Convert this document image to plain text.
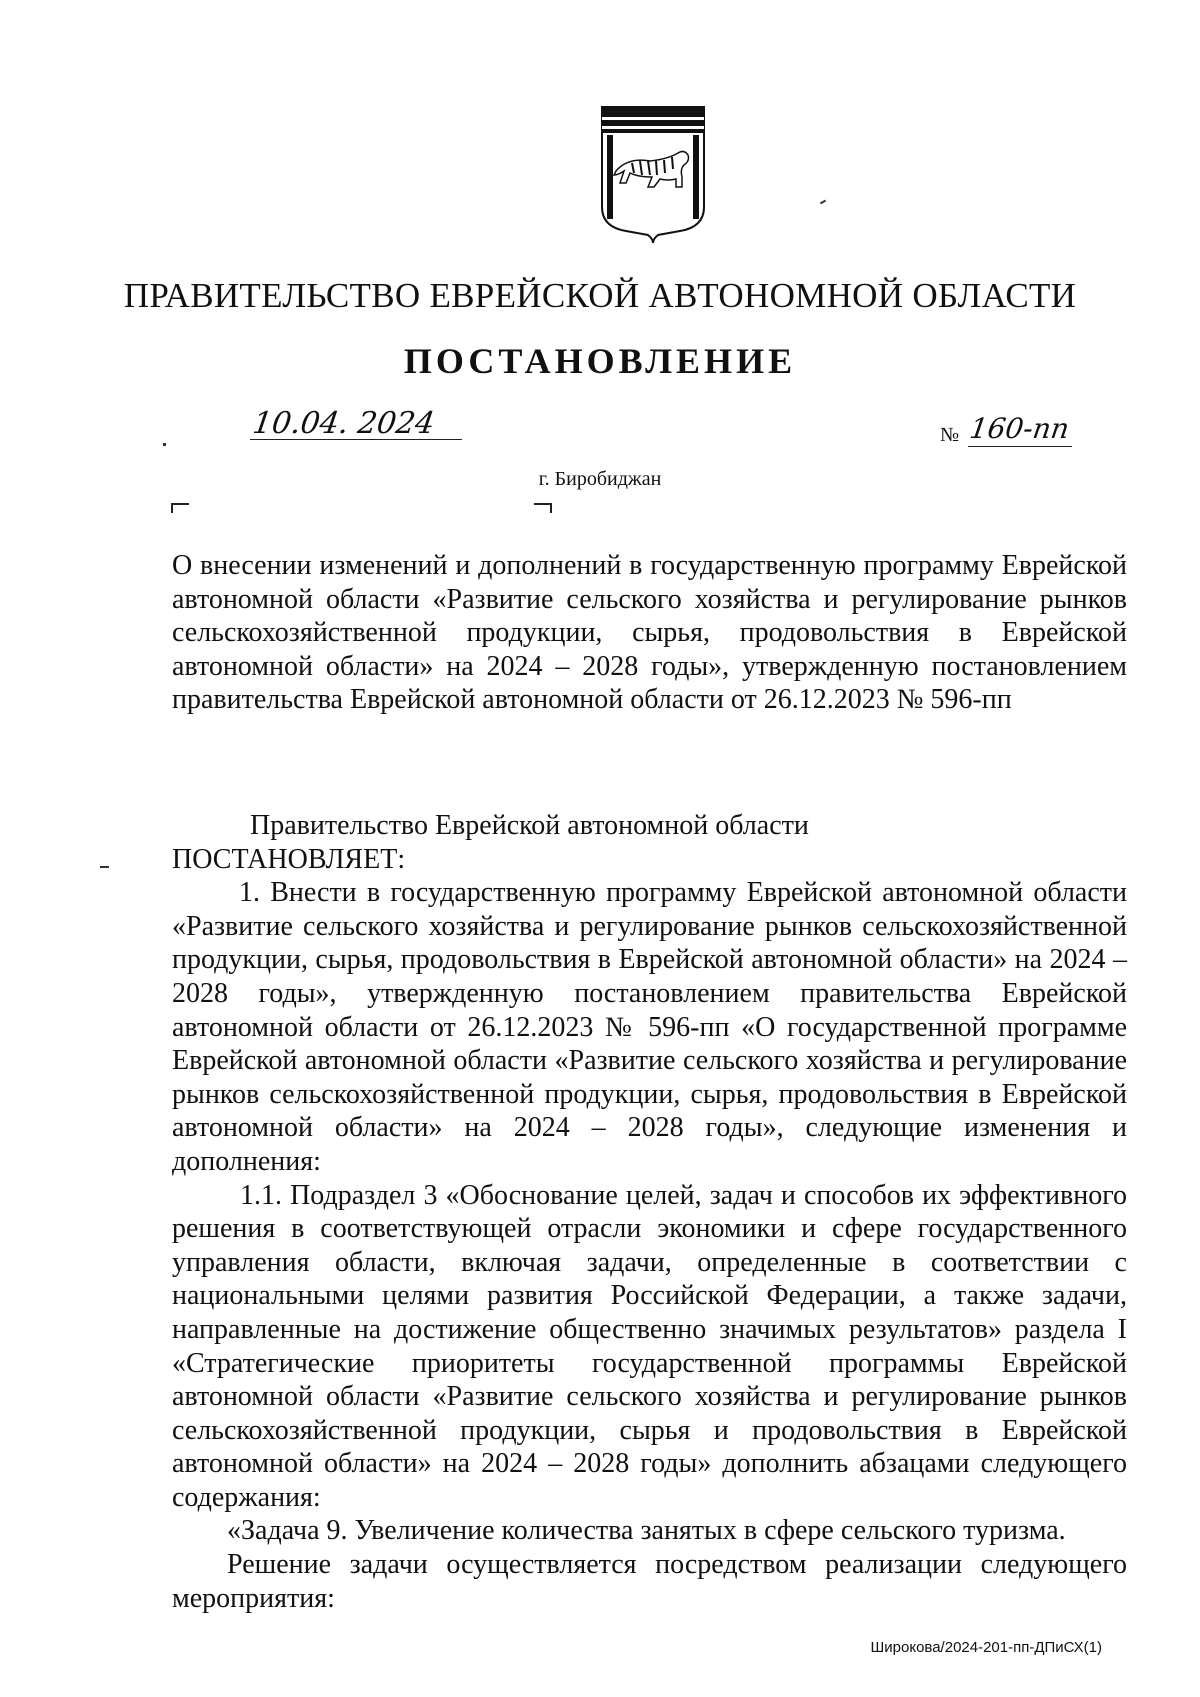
ПРАВИТЕЛЬСТВО ЕВРЕЙСКОЙ АВТОНОМНОЙ ОБЛАСТИ
ПОСТАНОВЛЕНИЕ
10.04. 2024	№ 160-пп
г. Биробиджан

О внесении изменений и дополнений в государственную программу Еврейской автономной области «Развитие сельского хозяйства и регулирование рынков сельскохозяйственной продукции, сырья, продовольствия в Еврейской автономной области» на 2024 – 2028 годы», утвержденную постановлением правительства Еврейской автономной области от 26.12.2023 № 596-пп

Правительство Еврейской автономной области

ПОСТАНОВЛЯЕТ:

1. Внести в государственную программу Еврейской автономной области «Развитие сельского хозяйства и регулирование рынков сельскохозяйственной продукции, сырья, продовольствия в Еврейской автономной области» на 2024 – 2028 годы», утвержденную постановлением правительства Еврейской автономной области от 26.12.2023 № 596-пп «О государственной программе Еврейской автономной области «Развитие сельского хозяйства и регулирование рынков сельскохозяйственной продукции, сырья, продовольствия в Еврейской автономной области» на 2024 – 2028 годы», следующие изменения и дополнения:

1.1. Подраздел 3 «Обоснование целей, задач и способов их эффективного решения в соответствующей отрасли экономики и сфере государственного управления области, включая задачи, определенные в соответствии с национальными целями развития Российской Федерации, а также задачи, направленные на достижение общественно значимых результатов» раздела I «Стратегические приоритеты государственной программы Еврейской автономной области «Развитие сельского хозяйства и регулирование рынков сельскохозяйственной продукции, сырья и продовольствия в Еврейской автономной области» на 2024 – 2028 годы» дополнить абзацами следующего содержания:

«Задача 9. Увеличение количества занятых в сфере сельского туризма.

Решение задачи осуществляется посредством реализации следующего мероприятия:

Широкова/2024-201-пп-ДПиСХ(1)
